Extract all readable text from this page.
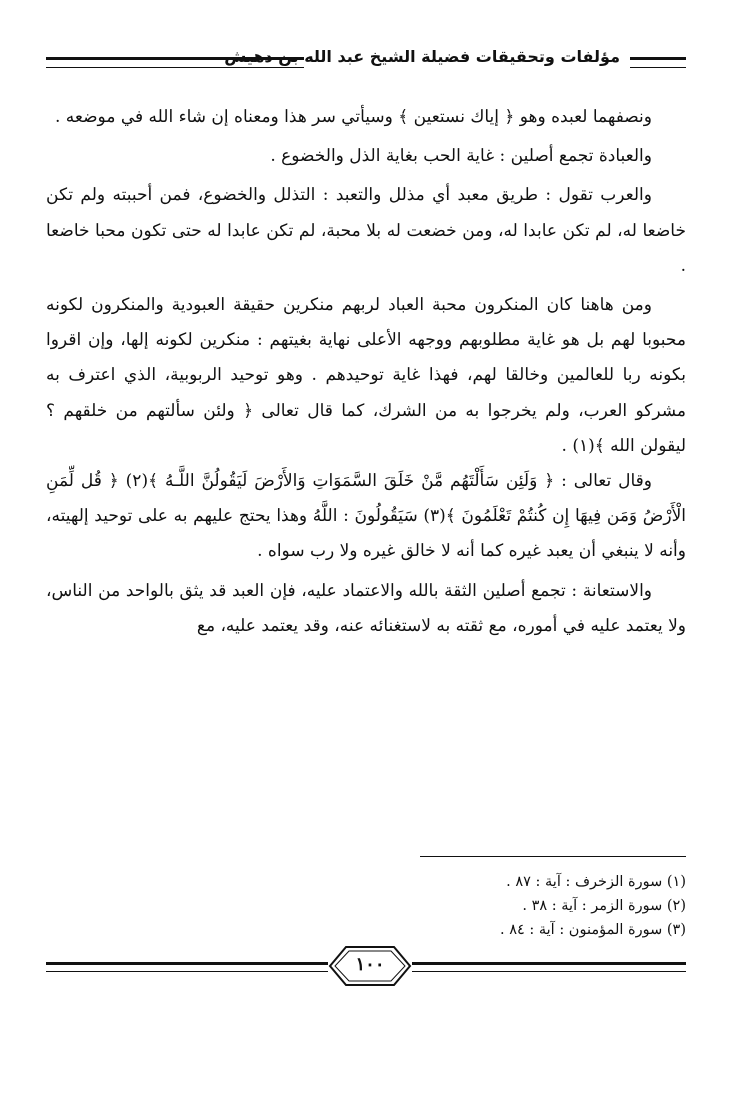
مؤلفات وتحقيقات فضيلة الشيخ عبد الله بن دهيش

ونصفهما لعبده وهو ﴿ إياك نستعين ﴾ وسيأتي سر هذا ومعناه إن شاء الله في موضعه .

والعبادة تجمع أصلين : غاية الحب بغاية الذل والخضوع .

والعرب تقول : طريق معبد أي مذلل والتعبد : التذلل والخضوع، فمن أحببته ولم تكن خاضعا له، لم تكن عابدا له، ومن خضعت له بلا محبة، لم تكن عابدا له حتى تكون محبا خاضعا .

ومن هاهنا كان المنكرون محبة العباد لربهم منكرين حقيقة العبودية والمنكرون لكونه محبوبا لهم بل هو غاية مطلوبهم ووجهه الأعلى نهاية بغيتهم : منكرين لكونه إلها، وإن اقروا بكونه ربا للعالمين وخالقا لهم، فهذا غاية توحيدهم . وهو توحيد الربوبية، الذي اعترف به مشركو العرب، ولم يخرجوا به من الشرك، كما قال تعالى ﴿ ولئن سألتهم من خلقهم ؟ ليقولن الله ﴾(١) .

وقال تعالى : ﴿ وَلَئِن سَأَلْتَهُم مَّنْ خَلَقَ السَّمَوَاتِ وَالأَرْضَ لَيَقُولُنَّ اللَّـهُ ﴾(٢) ﴿ قُل لِّمَنِ الْأَرْضُ وَمَن فِيهَا إِن كُنتُمْ تَعْلَمُونَ ﴾(٣) سَيَقُولُونَ : اللَّهُ وهذا يحتج عليهم به على توحيد إلهيته، وأنه لا ينبغي أن يعبد غيره كما أنه لا خالق غيره ولا رب سواه .

والاستعانة : تجمع أصلين الثقة بالله والاعتماد عليه، فإن العبد قد يثق بالواحد من الناس، ولا يعتمد عليه في أموره، مع ثقته به لاستغنائه عنه، وقد يعتمد عليه، مع

(١) سورة الزخرف : آية : ٨٧ .
(٢) سورة الزمر : آية : ٣٨ .
(٣) سورة المؤمنون : آية : ٨٤ .
١٠٠
